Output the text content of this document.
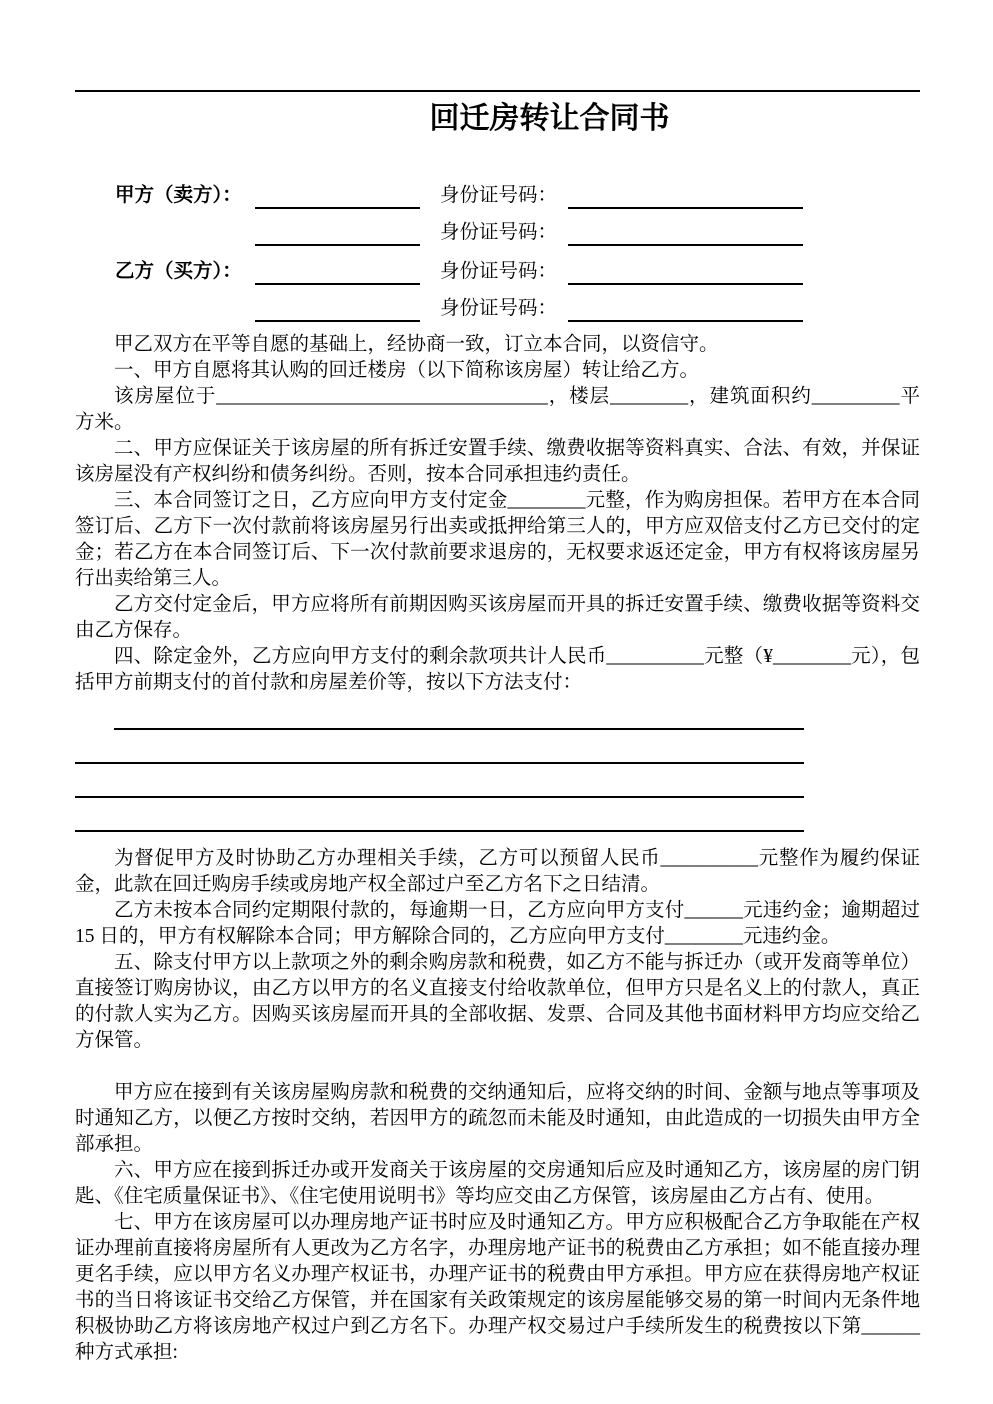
回迁房转让合同书
甲方（卖方）：	身份证号码：
身份证号码：
乙方（买方）：	身份证号码：
身份证号码：

甲乙双方在平等自愿的基础上，经协商一致，订立本合同，以资信守。

一、甲方自愿将其认购的回迁楼房（以下简称该房屋）转让给乙方。

该房屋位于__________________________________，楼层________，建筑面积约_________平方米。

二、甲方应保证关于该房屋的所有拆迁安置手续、缴费收据等资料真实、合法、有效，并保证该房屋没有产权纠纷和债务纠纷。否则，按本合同承担违约责任。

三、本合同签订之日，乙方应向甲方支付定金________元整，作为购房担保。若甲方在本合同签订后、乙方下一次付款前将该房屋另行出卖或抵押给第三人的，甲方应双倍支付乙方已交付的定金；若乙方在本合同签订后、下一次付款前要求退房的，无权要求返还定金，甲方有权将该房屋另行出卖给第三人。

乙方交付定金后，甲方应将所有前期因购买该房屋而开具的拆迁安置手续、缴费收据等资料交由乙方保存。

四、除定金外，乙方应向甲方支付的剩余款项共计人民币__________元整（¥________元），包括甲方前期支付的首付款和房屋差价等，按以下方法支付：

为督促甲方及时协助乙方办理相关手续，乙方可以预留人民币__________元整作为履约保证金，此款在回迁购房手续或房地产权全部过户至乙方名下之日结清。

乙方未按本合同约定期限付款的，每逾期一日，乙方应向甲方支付______元违约金；逾期超过 15 日的，甲方有权解除本合同；甲方解除合同的，乙方应向甲方支付________元违约金。

五、除支付甲方以上款项之外的剩余购房款和税费，如乙方不能与拆迁办（或开发商等单位）直接签订购房协议，由乙方以甲方的名义直接支付给收款单位，但甲方只是名义上的付款人，真正的付款人实为乙方。因购买该房屋而开具的全部收据、发票、合同及其他书面材料甲方均应交给乙方保管。

甲方应在接到有关该房屋购房款和税费的交纳通知后，应将交纳的时间、金额与地点等事项及时通知乙方，以便乙方按时交纳，若因甲方的疏忽而未能及时通知，由此造成的一切损失由甲方全部承担。

六、甲方应在接到拆迁办或开发商关于该房屋的交房通知后应及时通知乙方，该房屋的房门钥匙、《住宅质量保证书》、《住宅使用说明书》等均应交由乙方保管，该房屋由乙方占有、使用。

七、甲方在该房屋可以办理房地产证书时应及时通知乙方。甲方应积极配合乙方争取能在产权证办理前直接将房屋所有人更改为乙方名字，办理房地产证书的税费由乙方承担；如不能直接办理更名手续，应以甲方名义办理产权证书，办理产证书的税费由甲方承担。甲方应在获得房地产权证书的当日将该证书交给乙方保管，并在国家有关政策规定的该房屋能够交易的第一时间内无条件地积极协助乙方将该房地产权过户到乙方名下。办理产权交易过户手续所发生的税费按以下第______种方式承担:
